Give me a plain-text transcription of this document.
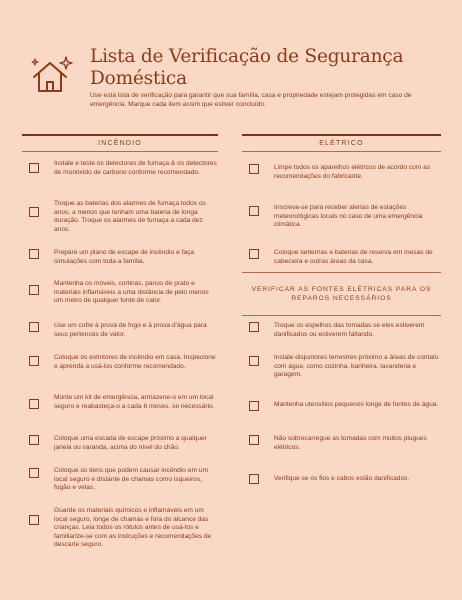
Lista de Verificação de Segurança Doméstica
Use esta lista de verificação para garantir que sua família, casa e propriedade estejam protegidas em caso de emergência. Marque cada item assim que estiver concluído.
INCÊNDIO
Instale e teste os detectores de fumaça & os detectores de monóxido de carbono conforme recomendado.
Troque as baterias dos alarmes de fumaça todos os anos, a menos que tenham uma bateria de longa duração. Troque os alarmes de fumaça a cada dez anos.
Prepare um plano de escape de incêndio e faça simulações com toda a família.
Mantenha os móveis, cortinas, panos de prato e materiais inflamáveis a uma distância de pelo menos um metro de qualquer fonte de calor.
Use um cofre à prova de fogo e à prova d'água para seus pertences de valor.
Coloque os extintores de incêndio em casa. Inspecione e aprenda a usá-los conforme recomendado.
Monte um kit de emergência, armazene-o em um local seguro e reabasteça-o a cada 6 meses, se necessário.
Coloque uma escada de escape próximo a qualquer janela ou varanda, acima do nível do chão.
Coloque os itens que podem causar incêndio em um local seguro e distante de chamas como isqueiros, fogão e velas.
Guarde os materiais químicos e inflamáveis em um local seguro, longe de chamas e fora do alcance das crianças. Leia todos os rótulos antes de usá-los e familiarize-se com as instruções e recomendações de descarte seguro.
ELÉTRICO
Limpe todos os aparelhos elétricos de acordo com as recomendações do fabricante.
Inscreva-se para receber alertas de estações meteorológicas locais no caso de uma emergência climática.
Coloque lanternas e baterias de reserva em mesas de cabeceira e outras áreas da casa.
VERIFICAR AS FONTES ELÉTRICAS PARA OS REPAROS NECESSÁRIOS
Troque os espelhos das tomadas se eles estiverem danificados ou estiverem faltando.
Instale disjuntores terrestres próximo a áreas de contato com água, como cozinha, banheira, lavanderia e garagem.
Mantenha utensílios pequenos longe de fontes de água.
Não sobrecarregue as tomadas com muitos plugues elétricos.
Verifique se os fios e cabos estão danificados.
